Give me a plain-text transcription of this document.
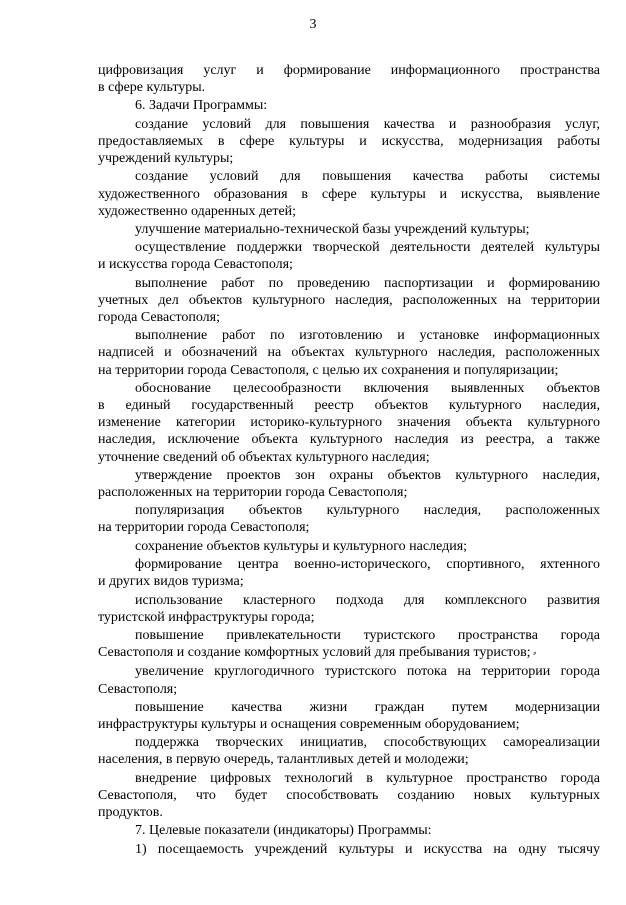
3
цифровизация услуг и формирование информационного пространства
в сфере культуры.
6. Задачи Программы:
создание условий для повышения качества и разнообразия услуг,
предоставляемых в сфере культуры и искусства, модернизация работы
учреждений культуры;
создание условий для повышения качества работы системы
художественного образования в сфере культуры и искусства, выявление
художественно одаренных детей;
улучшение материально-технической базы учреждений культуры;
осуществление поддержки творческой деятельности деятелей культуры
и искусства города Севастополя;
выполнение работ по проведению паспортизации и формированию
учетных дел объектов культурного наследия, расположенных на территории
города Севастополя;
выполнение работ по изготовлению и установке информационных
надписей и обозначений на объектах культурного наследия, расположенных
на территории города Севастополя, с целью их сохранения и популяризации;
обоснование целесообразности включения выявленных объектов
в единый государственный реестр объектов культурного наследия,
изменение категории историко-культурного значения объекта культурного
наследия, исключение объекта культурного наследия из реестра, а также
уточнение сведений об объектах культурного наследия;
утверждение проектов зон охраны объектов культурного наследия,
расположенных на территории города Севастополя;
популяризация объектов культурного наследия, расположенных
на территории города Севастополя;
сохранение объектов культуры и культурного наследия;
формирование центра военно-исторического, спортивного, яхтенного
и других видов туризма;
использование кластерного подхода для комплексного развития
туристской инфраструктуры города;
повышение привлекательности туристского пространства города
Севастополя и создание комфортных условий для пребывания туристов; ⸗
увеличение круглогодичного туристского потока на территории города
Севастополя;
повышение качества жизни граждан путем модернизации
инфраструктуры культуры и оснащения современным оборудованием;
поддержка творческих инициатив, способствующих самореализации
населения, в первую очередь, талантливых детей и молодежи;
внедрение цифровых технологий в культурное пространство города
Севастополя, что будет способствовать созданию новых культурных
продуктов.
7. Целевые показатели (индикаторы) Программы:
1) посещаемость учреждений культуры и искусства на одну тысячу
